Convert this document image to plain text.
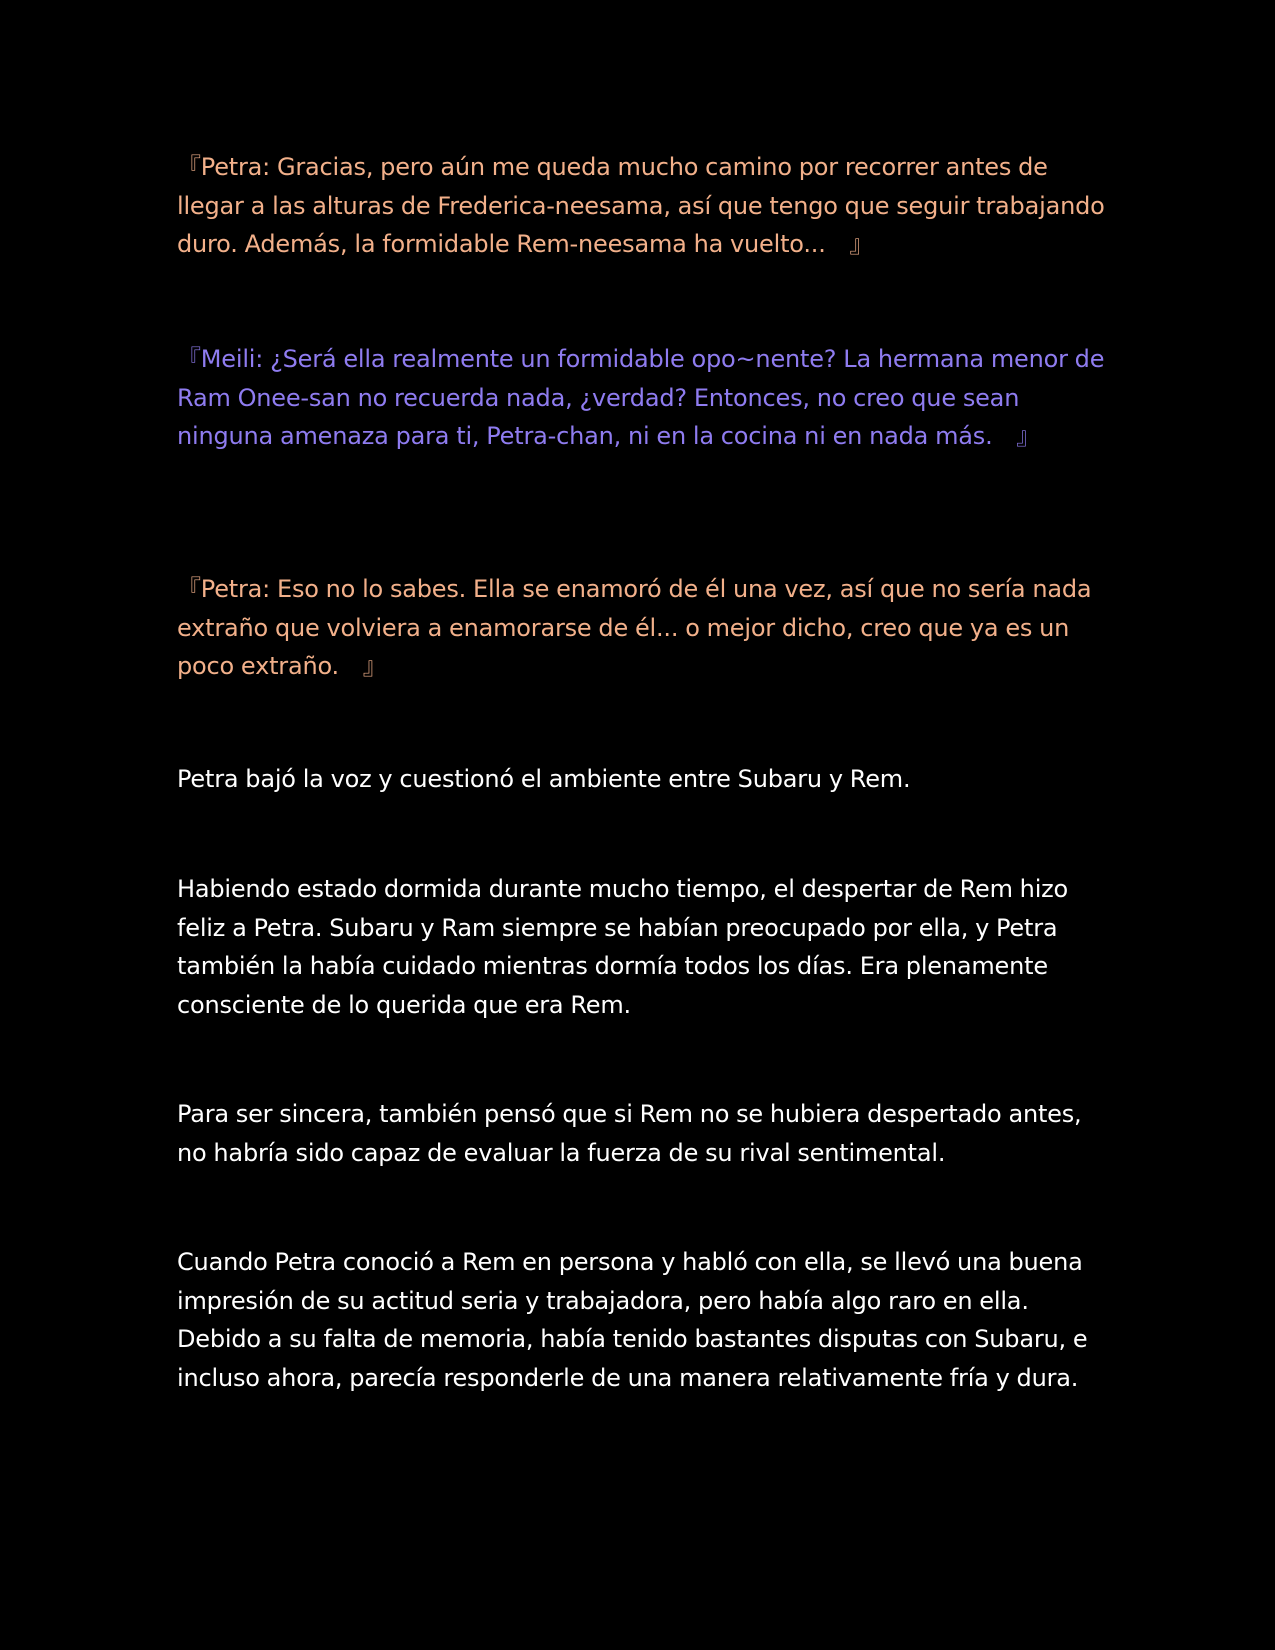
『Petra: Gracias, pero aún me queda mucho camino por recorrer antes de llegar a las alturas de Frederica-neesama, así que tengo que seguir trabajando duro. Además, la formidable Rem-neesama ha vuelto...　』

『Meili: ¿Será ella realmente un formidable opo~nente? La hermana menor de Ram Onee-san no recuerda nada, ¿verdad? Entonces, no creo que sean ninguna amenaza para ti, Petra-chan, ni en la cocina ni en nada más.　』

『Petra: Eso no lo sabes. Ella se enamoró de él una vez, así que no sería nada extraño que volviera a enamorarse de él... o mejor dicho, creo que ya es un poco extraño.　』

Petra bajó la voz y cuestionó el ambiente entre Subaru y Rem.

Habiendo estado dormida durante mucho tiempo, el despertar de Rem hizo feliz a Petra. Subaru y Ram siempre se habían preocupado por ella, y Petra también la había cuidado mientras dormía todos los días. Era plenamente consciente de lo querida que era Rem.

Para ser sincera, también pensó que si Rem no se hubiera despertado antes, no habría sido capaz de evaluar la fuerza de su rival sentimental.

Cuando Petra conoció a Rem en persona y habló con ella, se llevó una buena impresión de su actitud seria y trabajadora, pero había algo raro en ella. Debido a su falta de memoria, había tenido bastantes disputas con Subaru, e incluso ahora, parecía responderle de una manera relativamente fría y dura.
